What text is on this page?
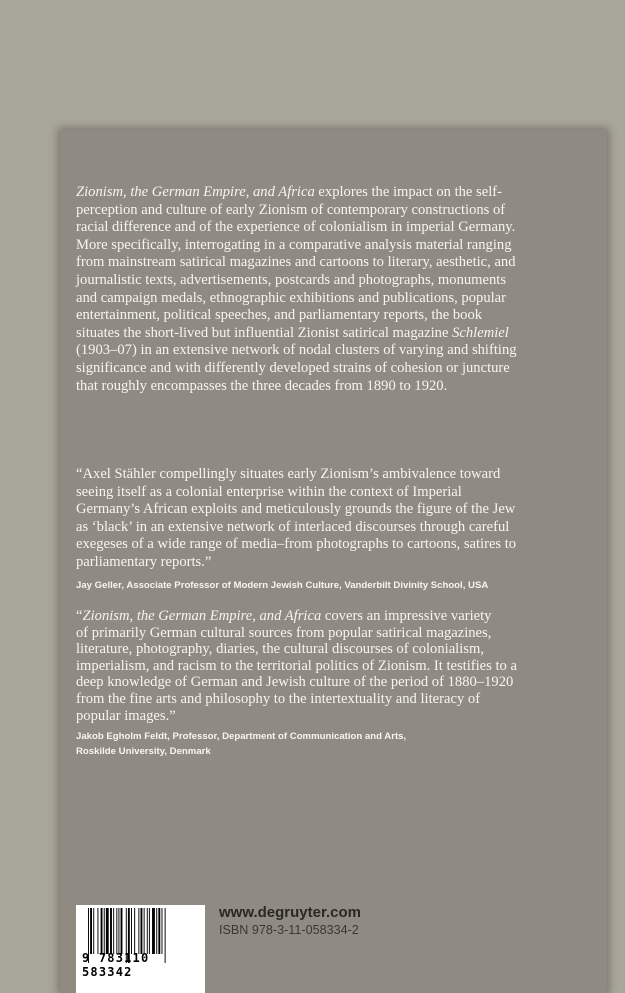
Zionism, the German Empire, and Africa explores the impact on the self-
perception and culture of early Zionism of contemporary constructions of
racial difference and of the experience of colonialism in imperial Germany.
More specifically, interrogating in a comparative analysis material ranging
from mainstream satirical magazines and cartoons to literary, aesthetic, and
journalistic texts, advertisements, postcards and photographs, monuments
and campaign medals, ethnographic exhibitions and publications, popular
entertainment, political speeches, and parliamentary reports, the book
situates the short-lived but influential Zionist satirical magazine Schlemiel
(1903–07) in an extensive network of nodal clusters of varying and shifting
significance and with differently developed strains of cohesion or juncture
that roughly encompasses the three decades from 1890 to 1920.
“Axel Stähler compellingly situates early Zionism’s ambivalence toward
seeing itself as a colonial enterprise within the context of Imperial
Germany’s African exploits and meticulously grounds the figure of the Jew
as ‘black’ in an extensive network of interlaced discourses through careful
exegeses of a wide range of media–from photographs to cartoons, satires to
parliamentary reports.”
Jay Geller, Associate Professor of Modern Jewish Culture, Vanderbilt Divinity School, USA
“Zionism, the German Empire, and Africa covers an impressive variety
of primarily German cultural sources from popular satirical magazines,
literature, photography, diaries, the cultural discourses of colonialism,
imperialism, and racism to the territorial politics of Zionism. It testifies to a
deep knowledge of German and Jewish culture of the period of 1880–1920
from the fine arts and philosophy to the intertextuality and literacy of
popular images.”
Jakob Egholm Feldt, Professor, Department of Communication and Arts,
Roskilde University, Denmark
9 783110 583342
www.degruyter.com
ISBN 978-3-11-058334-2
